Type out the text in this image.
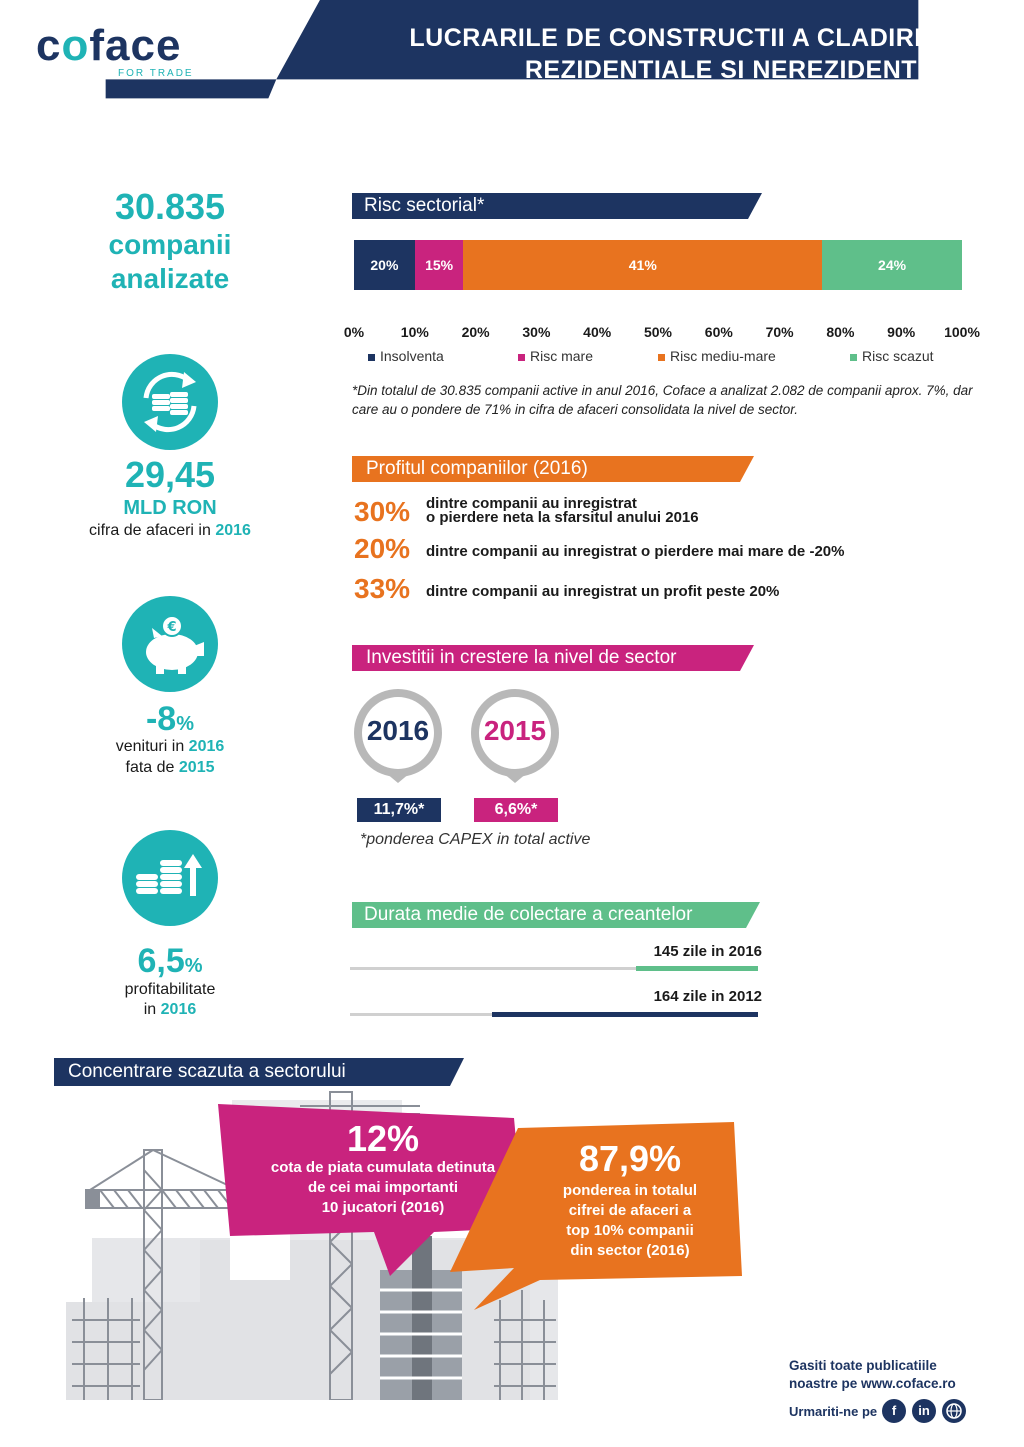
coface
FOR TRADE
LUCRARILE DE CONSTRUCTII A CLADIRILOR
REZIDENTIALE SI NEREZIDENTIALE
Iunie 2018
30.835
companii
analizate
29,45
MLD RON
cifra de afaceri in 2016
€
-8%
venituri in 2016
fata de 2015
6,5%
profitabilitate
in 2016
Risc sectorial*
20%	15%	41%	24%
0%	10% 20% 30% 40% 50% 60% 70% 80% 90% 100%
Insolventa	Risc mare	Risc mediu-mare	Risc scazut
*Din totalul de 30.835 companii active in anul 2016, Coface a analizat 2.082 de companii aprox. 7%, dar care au o pondere de 71% in cifra de afaceri consolidata la nivel de sector.
Profitul companiilor (2016)
30% dintre companii au inregistrat
o pierdere neta la sfarsitul anului 2016
20% dintre companii au inregistrat o pierdere mai mare de -20%
33% dintre companii au inregistrat un profit peste 20%
Investitii in crestere la nivel de sector
2016	2015
11,7%*	6,6%*
*ponderea CAPEX in total active
Durata medie de colectare a creantelor
145 zile in 2016
164 zile in 2012
Concentrare scazuta a sectorului
12%
cota de piata cumulata detinuta
de cei mai importanti
10 jucatori (2016)
87,9%
ponderea in totalul
cifrei de afaceri a
top 10% companii
din sector (2016)
Gasiti toate publicatiile
noastre pe www.coface.ro
Urmariti-ne pe	f	in
